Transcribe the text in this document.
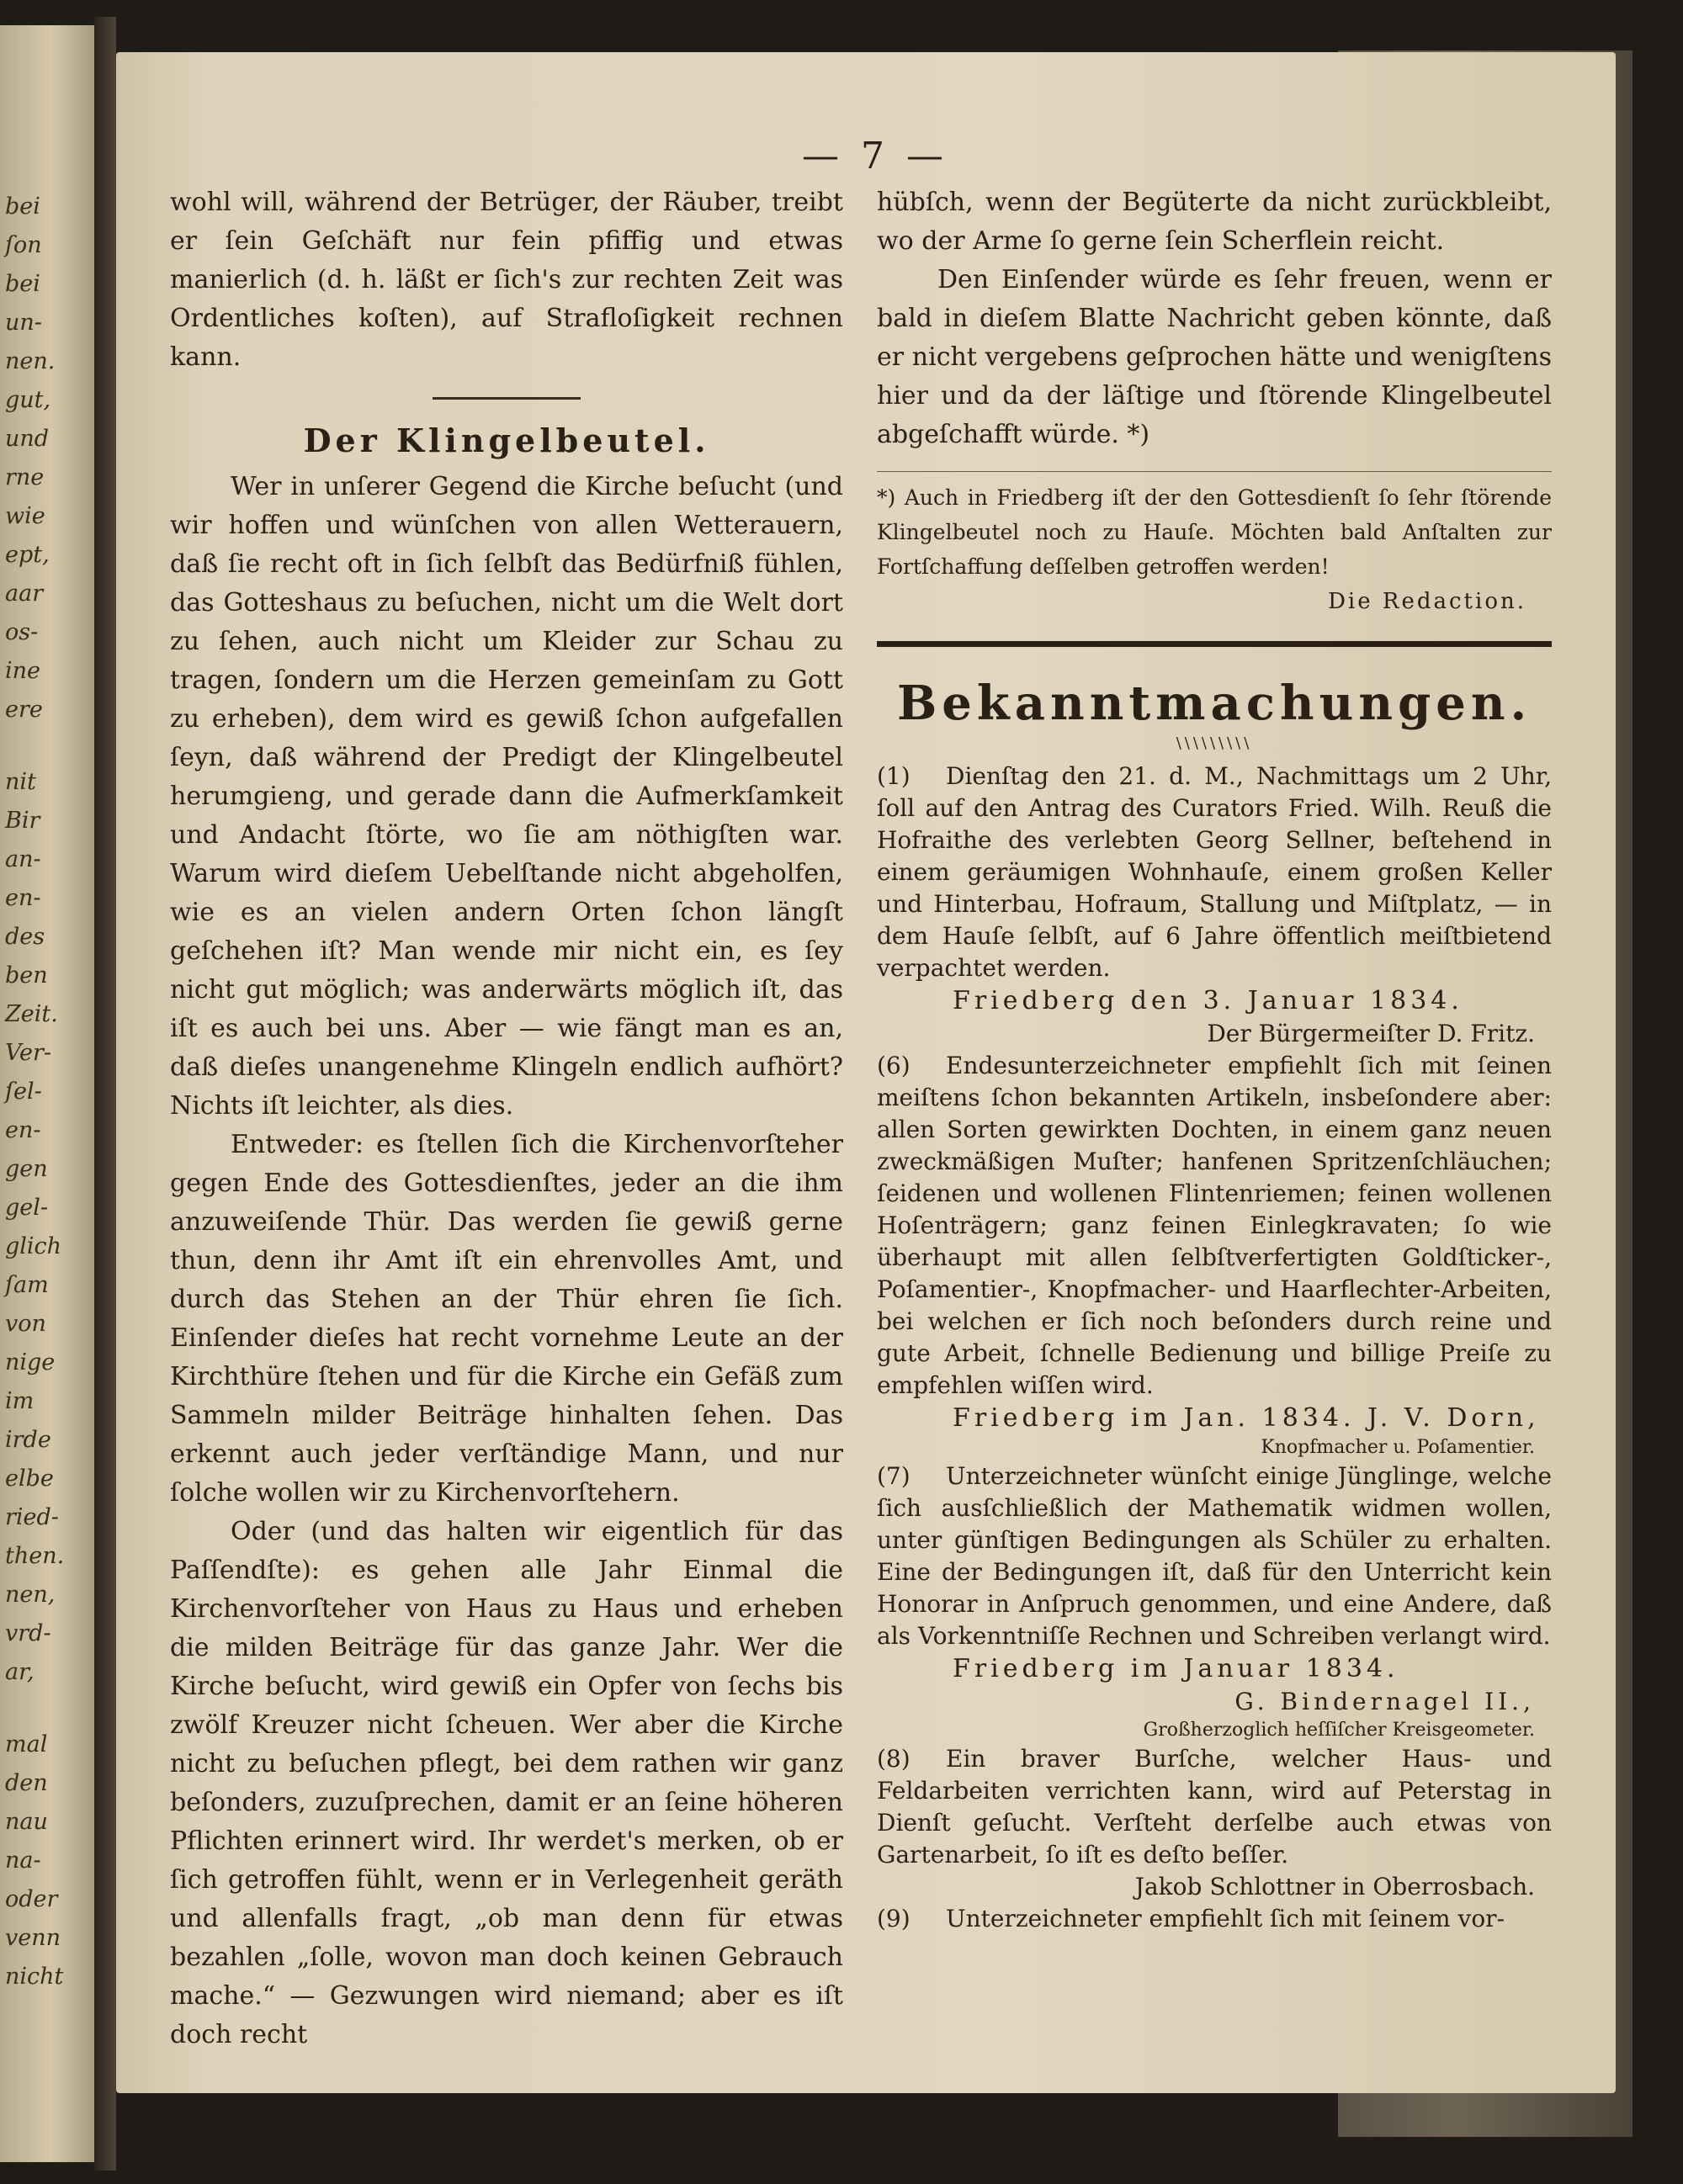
bei
ſon
bei
un-
nen.
gut,
und
rne
wie
ept,
aar
os-
ine
ere
nit
Bir
an-
en-
des
ben
Zeit.
Ver-
ſel-
en-
gen
gel-
glich
ſam
von
nige
im
irde
elbe
ried-
then.
nen,
vrd-
ar,
mal
den
nau
na-
oder
venn
nicht
— 7 —

wohl will, während der Betrüger, der Räuber, treibt er ſein Geſchäft nur fein pfiffig und etwas manierlich (d. h. läßt er ſich's zur rechten Zeit was Ordentliches koſten), auf Strafloſigkeit rechnen kann.

Der Klingelbeutel.

Wer in unſerer Gegend die Kirche beſucht (und wir hoffen und wünſchen von allen Wetterauern, daß ſie recht oft in ſich ſelbſt das Bedürfniß fühlen, das Gotteshaus zu beſuchen, nicht um die Welt dort zu ſehen, auch nicht um Kleider zur Schau zu tragen, ſondern um die Herzen gemeinſam zu Gott zu erheben), dem wird es gewiß ſchon aufgefallen ſeyn, daß während der Predigt der Klingelbeutel herumgieng, und gerade dann die Aufmerkſamkeit und Andacht ſtörte, wo ſie am nöthigſten war. Warum wird dieſem Uebelſtande nicht abgeholfen, wie es an vielen andern Orten ſchon längſt geſchehen iſt? Man wende mir nicht ein, es ſey nicht gut möglich; was anderwärts möglich iſt, das iſt es auch bei uns. Aber — wie fängt man es an, daß dieſes unangenehme Klingeln endlich aufhört? Nichts iſt leichter, als dies.

Entweder: es ſtellen ſich die Kirchenvorſteher gegen Ende des Gottesdienſtes, jeder an die ihm anzuweiſende Thür. Das werden ſie gewiß gerne thun, denn ihr Amt iſt ein ehrenvolles Amt, und durch das Stehen an der Thür ehren ſie ſich. Einſender dieſes hat recht vornehme Leute an der Kirchthüre ſtehen und für die Kirche ein Gefäß zum Sammeln milder Beiträge hinhalten ſehen. Das erkennt auch jeder verſtändige Mann, und nur ſolche wollen wir zu Kirchenvorſtehern.

Oder (und das halten wir eigentlich für das Paſſendſte): es gehen alle Jahr Einmal die Kirchenvorſteher von Haus zu Haus und erheben die milden Beiträge für das ganze Jahr. Wer die Kirche beſucht, wird gewiß ein Opfer von ſechs bis zwölf Kreuzer nicht ſcheuen. Wer aber die Kirche nicht zu beſuchen pflegt, bei dem rathen wir ganz beſonders, zuzuſprechen, damit er an ſeine höheren Pflichten erinnert wird. Ihr werdet's merken, ob er ſich getroffen fühlt, wenn er in Verlegenheit geräth und allenfalls fragt, „ob man denn für etwas bezahlen „ſolle, wovon man doch keinen Gebrauch mache.“ — Gezwungen wird niemand; aber es iſt doch recht

hübſch, wenn der Begüterte da nicht zurückbleibt, wo der Arme ſo gerne ſein Scherflein reicht.

Den Einſender würde es ſehr freuen, wenn er bald in dieſem Blatte Nachricht geben könnte, daß er nicht vergebens geſprochen hätte und wenigſtens hier und da der läſtige und ſtörende Klingelbeutel abgeſchafft würde. *)

*) Auch in Friedberg iſt der den Gottesdienſt ſo ſehr ſtörende Klingelbeutel noch zu Hauſe. Möchten bald Anſtalten zur Fortſchaffung deſſelben getroffen werden!

Die Redaction.

Bekanntmachungen.
\\\\\\\\\

(1) Dienſtag den 21. d. M., Nachmittags um 2 Uhr, ſoll auf den Antrag des Curators Fried. Wilh. Reuß die Hofraithe des verlebten Georg Sellner, beſtehend in einem geräumigen Wohnhauſe, einem großen Keller und Hinterbau, Hofraum, Stallung und Miſtplatz, — in dem Hauſe ſelbſt, auf 6 Jahre öffentlich meiſtbietend verpachtet werden.

Friedberg den 3. Januar 1834.

Der Bürgermeiſter D. Fritz.

(6) Endesunterzeichneter empfiehlt ſich mit ſeinen meiſtens ſchon bekannten Artikeln, insbeſondere aber: allen Sorten gewirkten Dochten, in einem ganz neuen zweckmäßigen Muſter; hanfenen Spritzenſchläuchen; ſeidenen und wollenen Flintenriemen; feinen wollenen Hoſenträgern; ganz feinen Einlegkravaten; ſo wie überhaupt mit allen ſelbſtverfertigten Goldſticker-, Poſamentier-, Knopfmacher- und Haarflechter-Arbeiten, bei welchen er ſich noch beſonders durch reine und gute Arbeit, ſchnelle Bedienung und billige Preiſe zu empfehlen wiſſen wird.

Friedberg im Jan. 1834. J. V. Dorn,

Knopfmacher u. Poſamentier.

(7) Unterzeichneter wünſcht einige Jünglinge, welche ſich ausſchließlich der Mathematik widmen wollen, unter günſtigen Bedingungen als Schüler zu erhalten. Eine der Bedingungen iſt, daß für den Unterricht kein Honorar in Anſpruch genommen, und eine Andere, daß als Vorkenntniſſe Rechnen und Schreiben verlangt wird.

Friedberg im Januar 1834.

G. Bindernagel II.,

Großherzoglich heſſiſcher Kreisgeometer.

(8) Ein braver Burſche, welcher Haus- und Feldarbeiten verrichten kann, wird auf Peterstag in Dienſt geſucht. Verſteht derſelbe auch etwas von Gartenarbeit, ſo iſt es deſto beſſer.

Jakob Schlottner in Oberrosbach.

(9) Unterzeichneter empfiehlt ſich mit ſeinem vor-
